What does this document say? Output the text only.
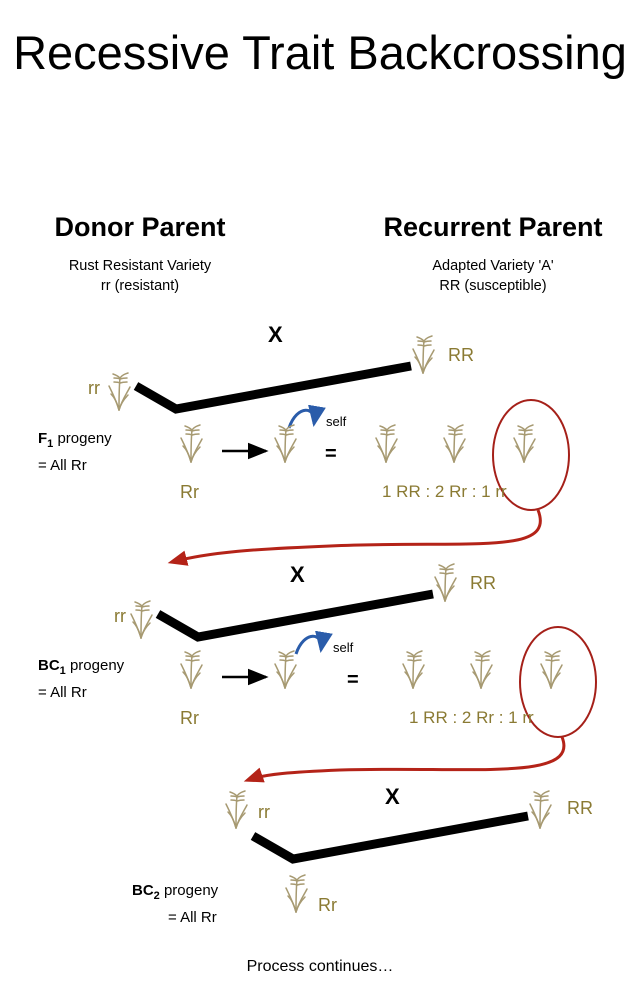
Recessive Trait Backcrossing
Donor Parent
Rust Resistant Variety
rr (resistant)
Recurrent Parent
Adapted Variety 'A'
RR (susceptible)
X
rr
RR
$F_1$ progeny
= All Rr
self
=
Rr	1 RR : 2 Rr : 1 rr
X
rr
RR
$BC_1$ progeny
= All Rr
self
=
Rr	1 RR : 2 Rr : 1 rr
X
rr	RR
$BC_2$ progeny
= All Rr
Rr
Process continues…
